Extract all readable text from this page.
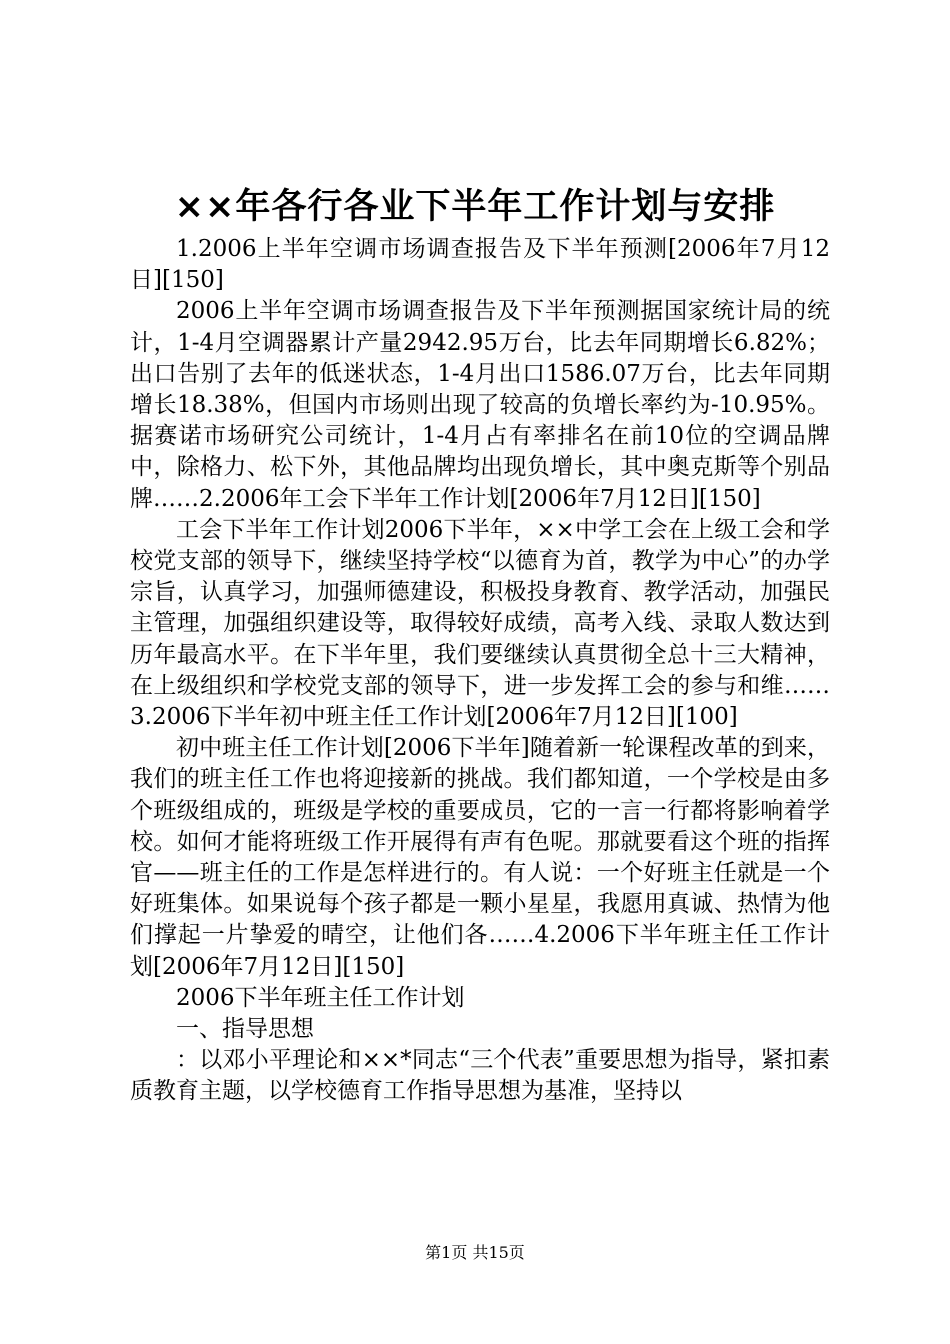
××年各行各业下半年工作计划与安排

1.2006上半年空调市场调查报告及下半年预测[2006年7月12日][150]

2006上半年空调市场调查报告及下半年预测据国家统计局的统计，1-4月空调器累计产量2942.95万台，比去年同期增长6.82%；出口告别了去年的低迷状态，1-4月出口1586.07万台，比去年同期增长18.38%，但国内市场则出现了较高的负增长率约为-10.95%。据赛诺市场研究公司统计，1-4月占有率排名在前10位的空调品牌中，除格力、松下外，其他品牌均出现负增长，其中奥克斯等个别品牌……2.2006年工会下半年工作计划[2006年7月12日][150]

工会下半年工作计划2006下半年，××中学工会在上级工会和学校党支部的领导下，继续坚持学校“以德育为首，教学为中心”的办学宗旨，认真学习，加强师德建设，积极投身教育、教学活动，加强民主管理，加强组织建设等，取得较好成绩，高考入线、录取人数达到历年最高水平。在下半年里，我们要继续认真贯彻全总十三大精神，在上级组织和学校党支部的领导下，进一步发挥工会的参与和维……3.2006下半年初中班主任工作计划[2006年7月12日][100]

初中班主任工作计划[2006下半年]随着新一轮课程改革的到来，我们的班主任工作也将迎接新的挑战。我们都知道，一个学校是由多个班级组成的，班级是学校的重要成员，它的一言一行都将影响着学校。如何才能将班级工作开展得有声有色呢。那就要看这个班的指挥官——班主任的工作是怎样进行的。有人说：一个好班主任就是一个好班集体。如果说每个孩子都是一颗小星星，我愿用真诚、热情为他们撑起一片挚爱的晴空，让他们各……4.2006下半年班主任工作计划[2006年7月12日][150]

2006下半年班主任工作计划

一、指导思想

：以邓小平理论和××*同志“三个代表”重要思想为指导，紧扣素质教育主题，以学校德育工作指导思想为基准，坚持以

第1页 共15页
